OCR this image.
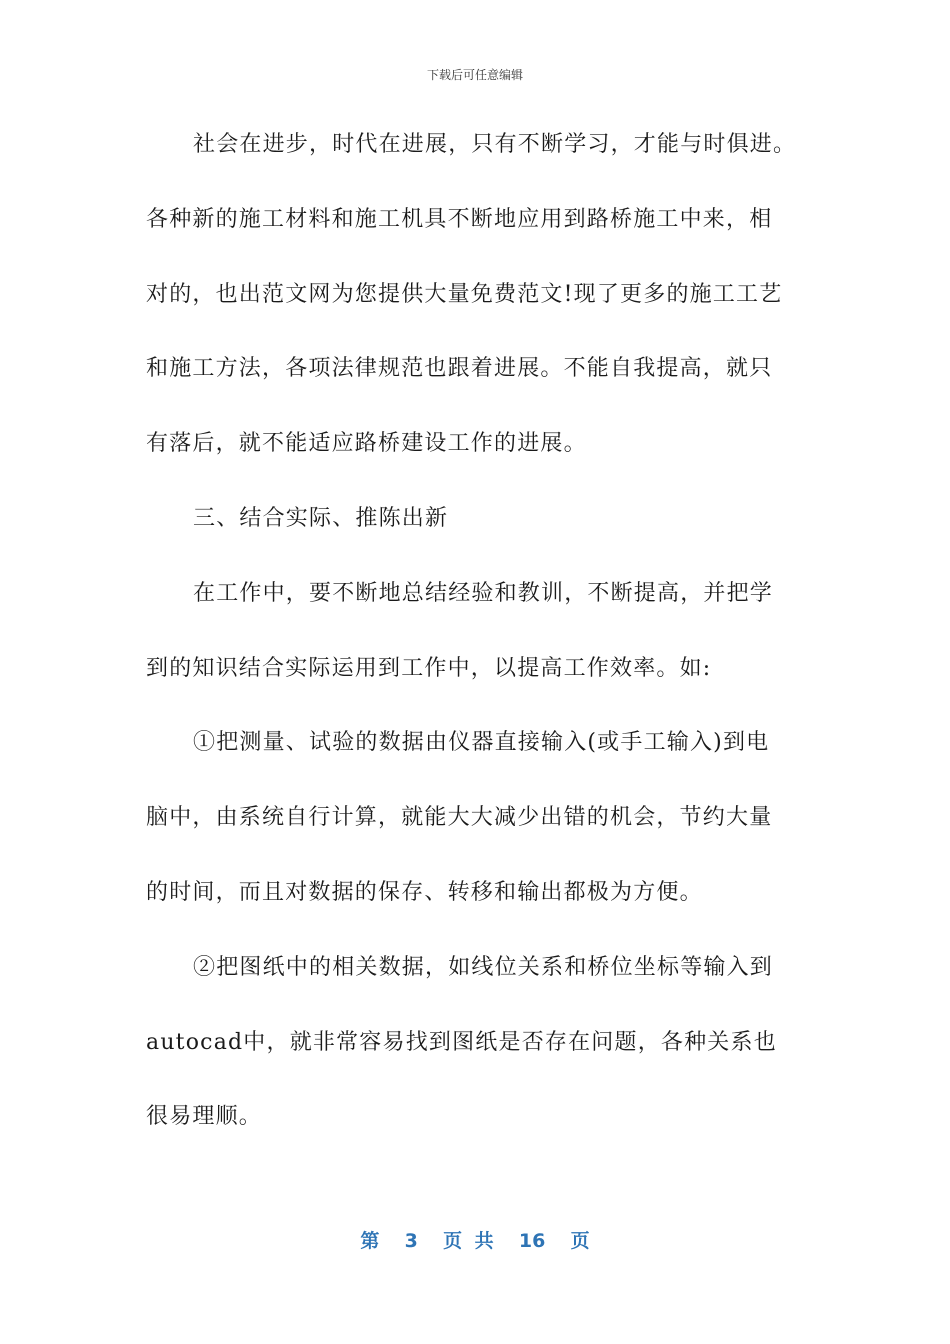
下载后可任意编辑
社会在进步，时代在进展，只有不断学习，才能与时俱进。
各种新的施工材料和施工机具不断地应用到路桥施工中来，相
对的，也出范文网为您提供大量免费范文!现了更多的施工工艺
和施工方法，各项法律规范也跟着进展。不能自我提高，就只
有落后，就不能适应路桥建设工作的进展。
三、结合实际、推陈出新
在工作中，要不断地总结经验和教训，不断提高，并把学
到的知识结合实际运用到工作中，以提高工作效率。如:
①把测量、试验的数据由仪器直接输入(或手工输入)到电
脑中，由系统自行计算，就能大大减少出错的机会，节约大量
的时间，而且对数据的保存、转移和输出都极为方便。
②把图纸中的相关数据，如线位关系和桥位坐标等输入到
autocad中，就非常容易找到图纸是否存在问题，各种关系也
很易理顺。
第  3  页 共  16  页
